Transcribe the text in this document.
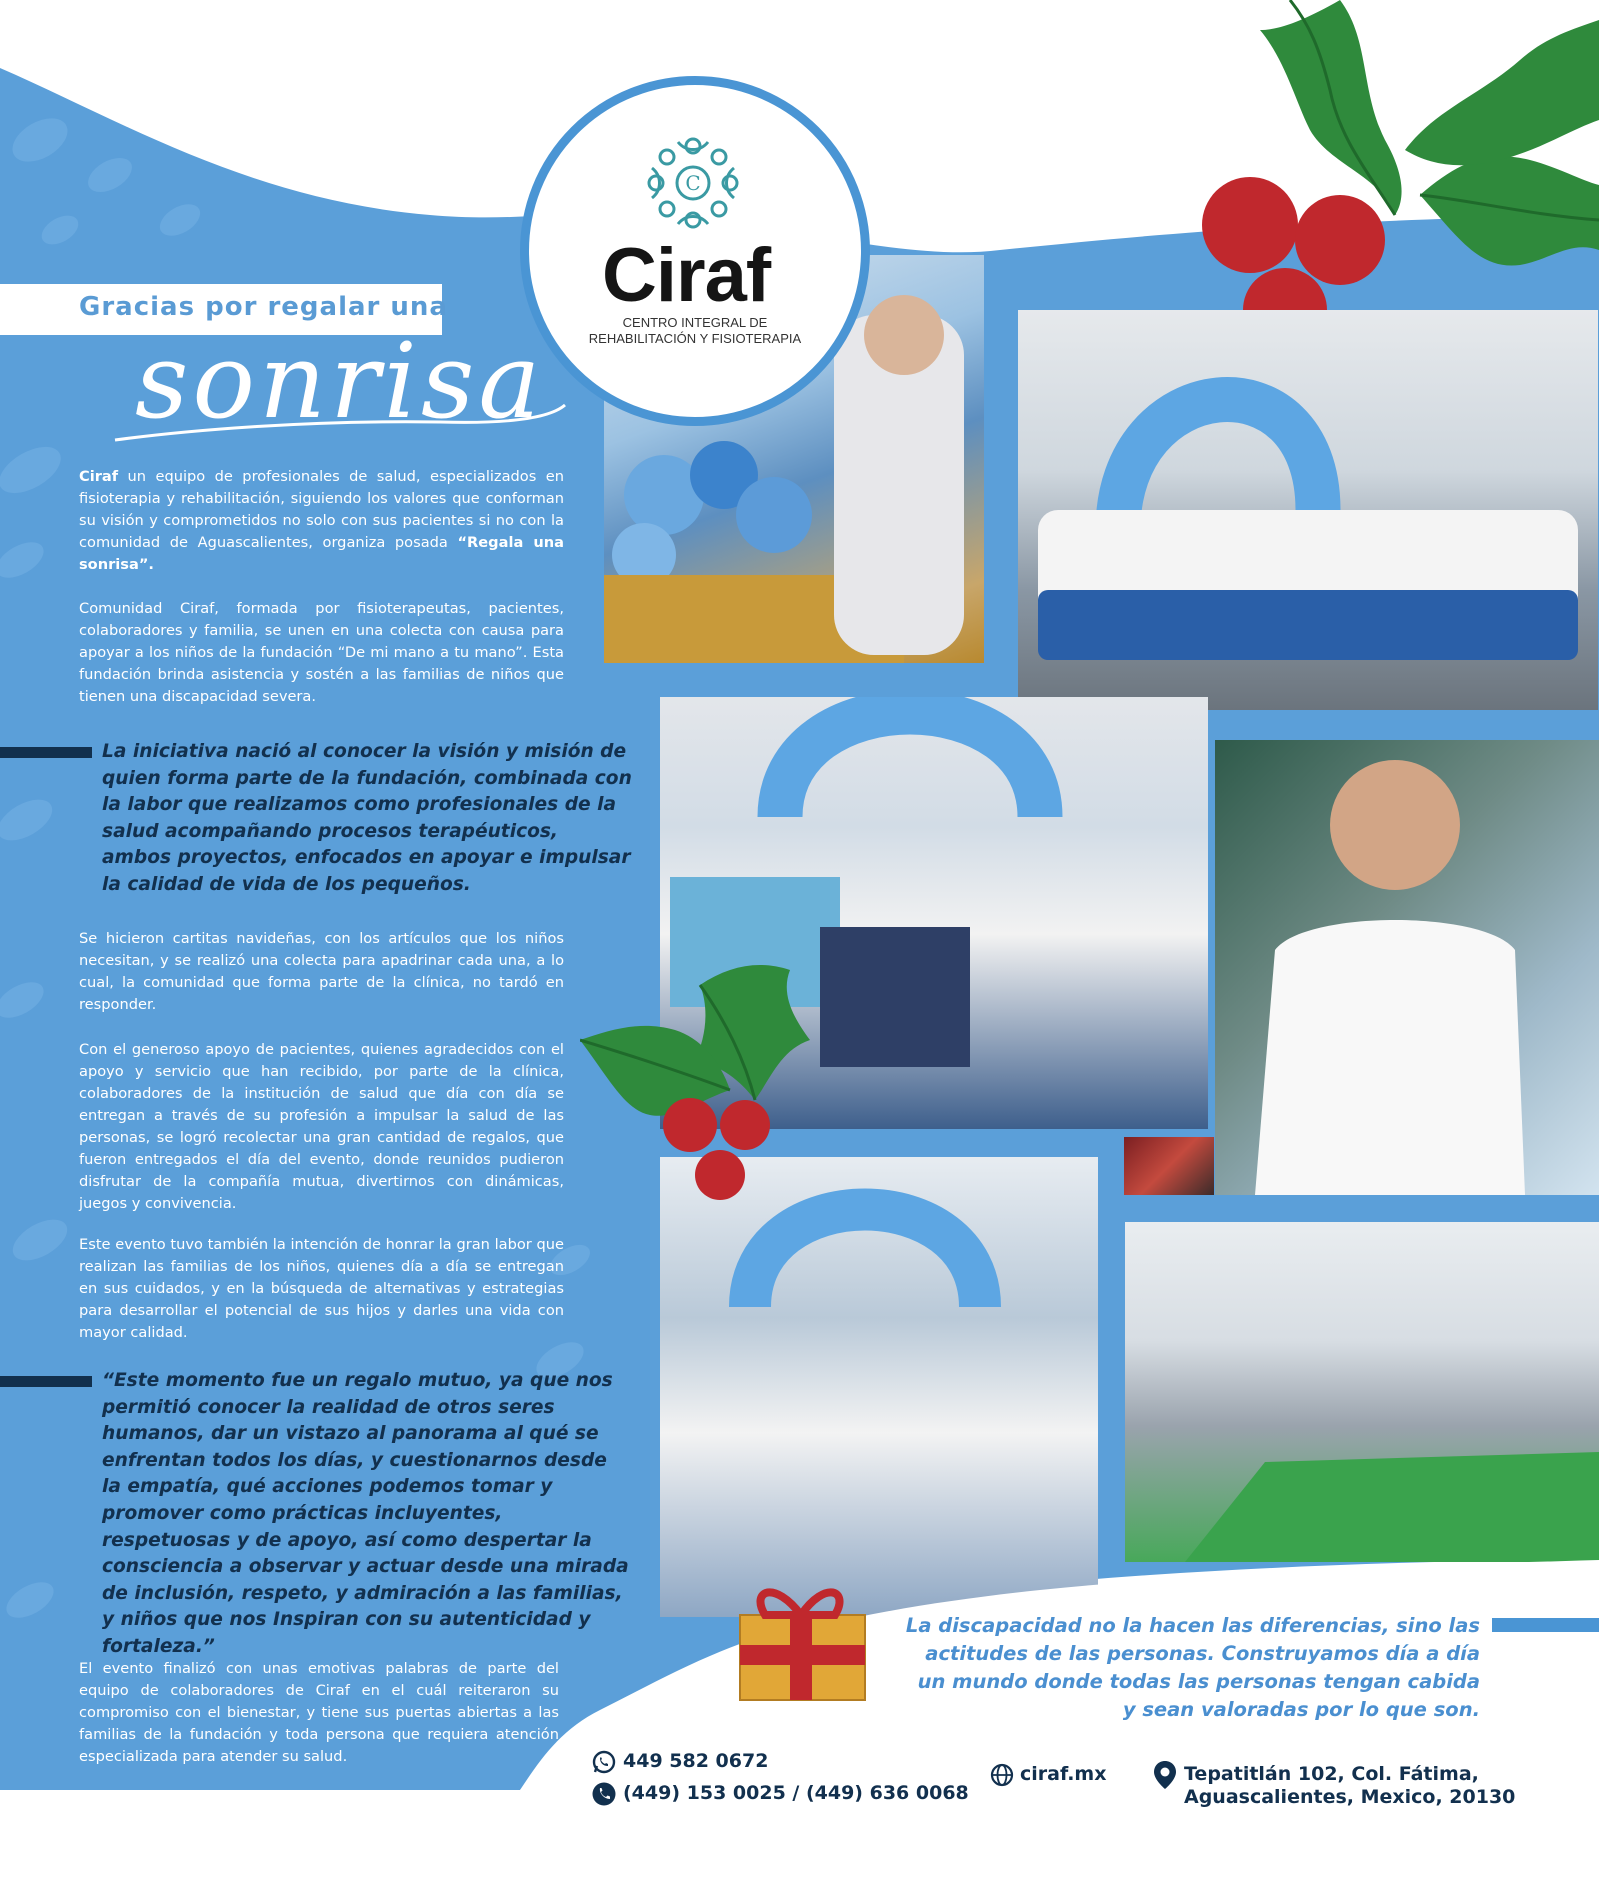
Gracias por regalar una
sonrisa
C
Ciraf
CENTRO INTEGRAL DE
REHABILITACIÓN Y FISIOTERAPIA

Ciraf un equipo de profesionales de salud, especializados en fisioterapia y rehabilitación, siguiendo los valores que conforman su visión y comprometidos no solo con sus pacientes si no con la comunidad de Aguascalientes, organiza posada “Regala una sonrisa”.

Comunidad Ciraf, formada por fisioterapeutas, pacientes, colaboradores y familia, se unen en una colecta con causa para apoyar a los niños de la fundación “De mi mano a tu mano”. Esta fundación brinda asistencia y sostén a las familias de niños que tienen una discapacidad severa.

La iniciativa nació al conocer la visión y misión de quien forma parte de la fundación, combinada con la labor que realizamos como profesionales de la salud acompañando procesos terapéuticos, ambos proyectos, enfocados en apoyar e impulsar la calidad de vida de los pequeños.

Se hicieron cartitas navideñas, con los artículos que los niños necesitan, y se realizó una colecta para apadrinar cada una, a lo cual, la comunidad que forma parte de la clínica, no tardó en responder.

Con el generoso apoyo de pacientes, quienes agradecidos con el apoyo y servicio que han recibido, por parte de la clínica, colaboradores de la institución de salud que día con día se entregan a través de su profesión a impulsar la salud de las personas, se logró recolectar una gran cantidad de regalos, que fueron entregados el día del evento, donde reunidos pudieron disfrutar de la compañía mutua, divertirnos con dinámicas, juegos y convivencia.

Este evento tuvo también la intención de honrar la gran labor que realizan las familias de los niños, quienes día a día se entregan en sus cuidados, y en la búsqueda de alternativas y estrategias para desarrollar el potencial de sus hijos y darles una vida con mayor calidad.

“Este momento fue un regalo mutuo, ya que nos permitió conocer la realidad de otros seres humanos, dar un vistazo al panorama al qué se enfrentan todos los días, y cuestionarnos desde la empatía, qué acciones podemos tomar y promover como prácticas incluyentes, respetuosas y de apoyo, así como despertar la consciencia a observar y actuar desde una mirada de inclusión, respeto, y admiración a las familias, y niños que nos Inspiran con su autenticidad y fortaleza.”

El evento finalizó con unas emotivas palabras de parte del equipo de colaboradores de Ciraf en el cuál reiteraron su compromiso con el bienestar, y tiene sus puertas abiertas a las familias de la fundación y toda persona que requiera atención especializada para atender su salud.

La discapacidad no la hacen las diferencias, sino las actitudes de las personas. Construyamos día a día un mundo donde todas las personas tengan cabida y sean valoradas por lo que son.

449 582 0672
(449) 153 0025 / (449) 636 0068
ciraf.mx	Tepatitlán 102, Col. Fátima,
Aguascalientes, Mexico, 20130
